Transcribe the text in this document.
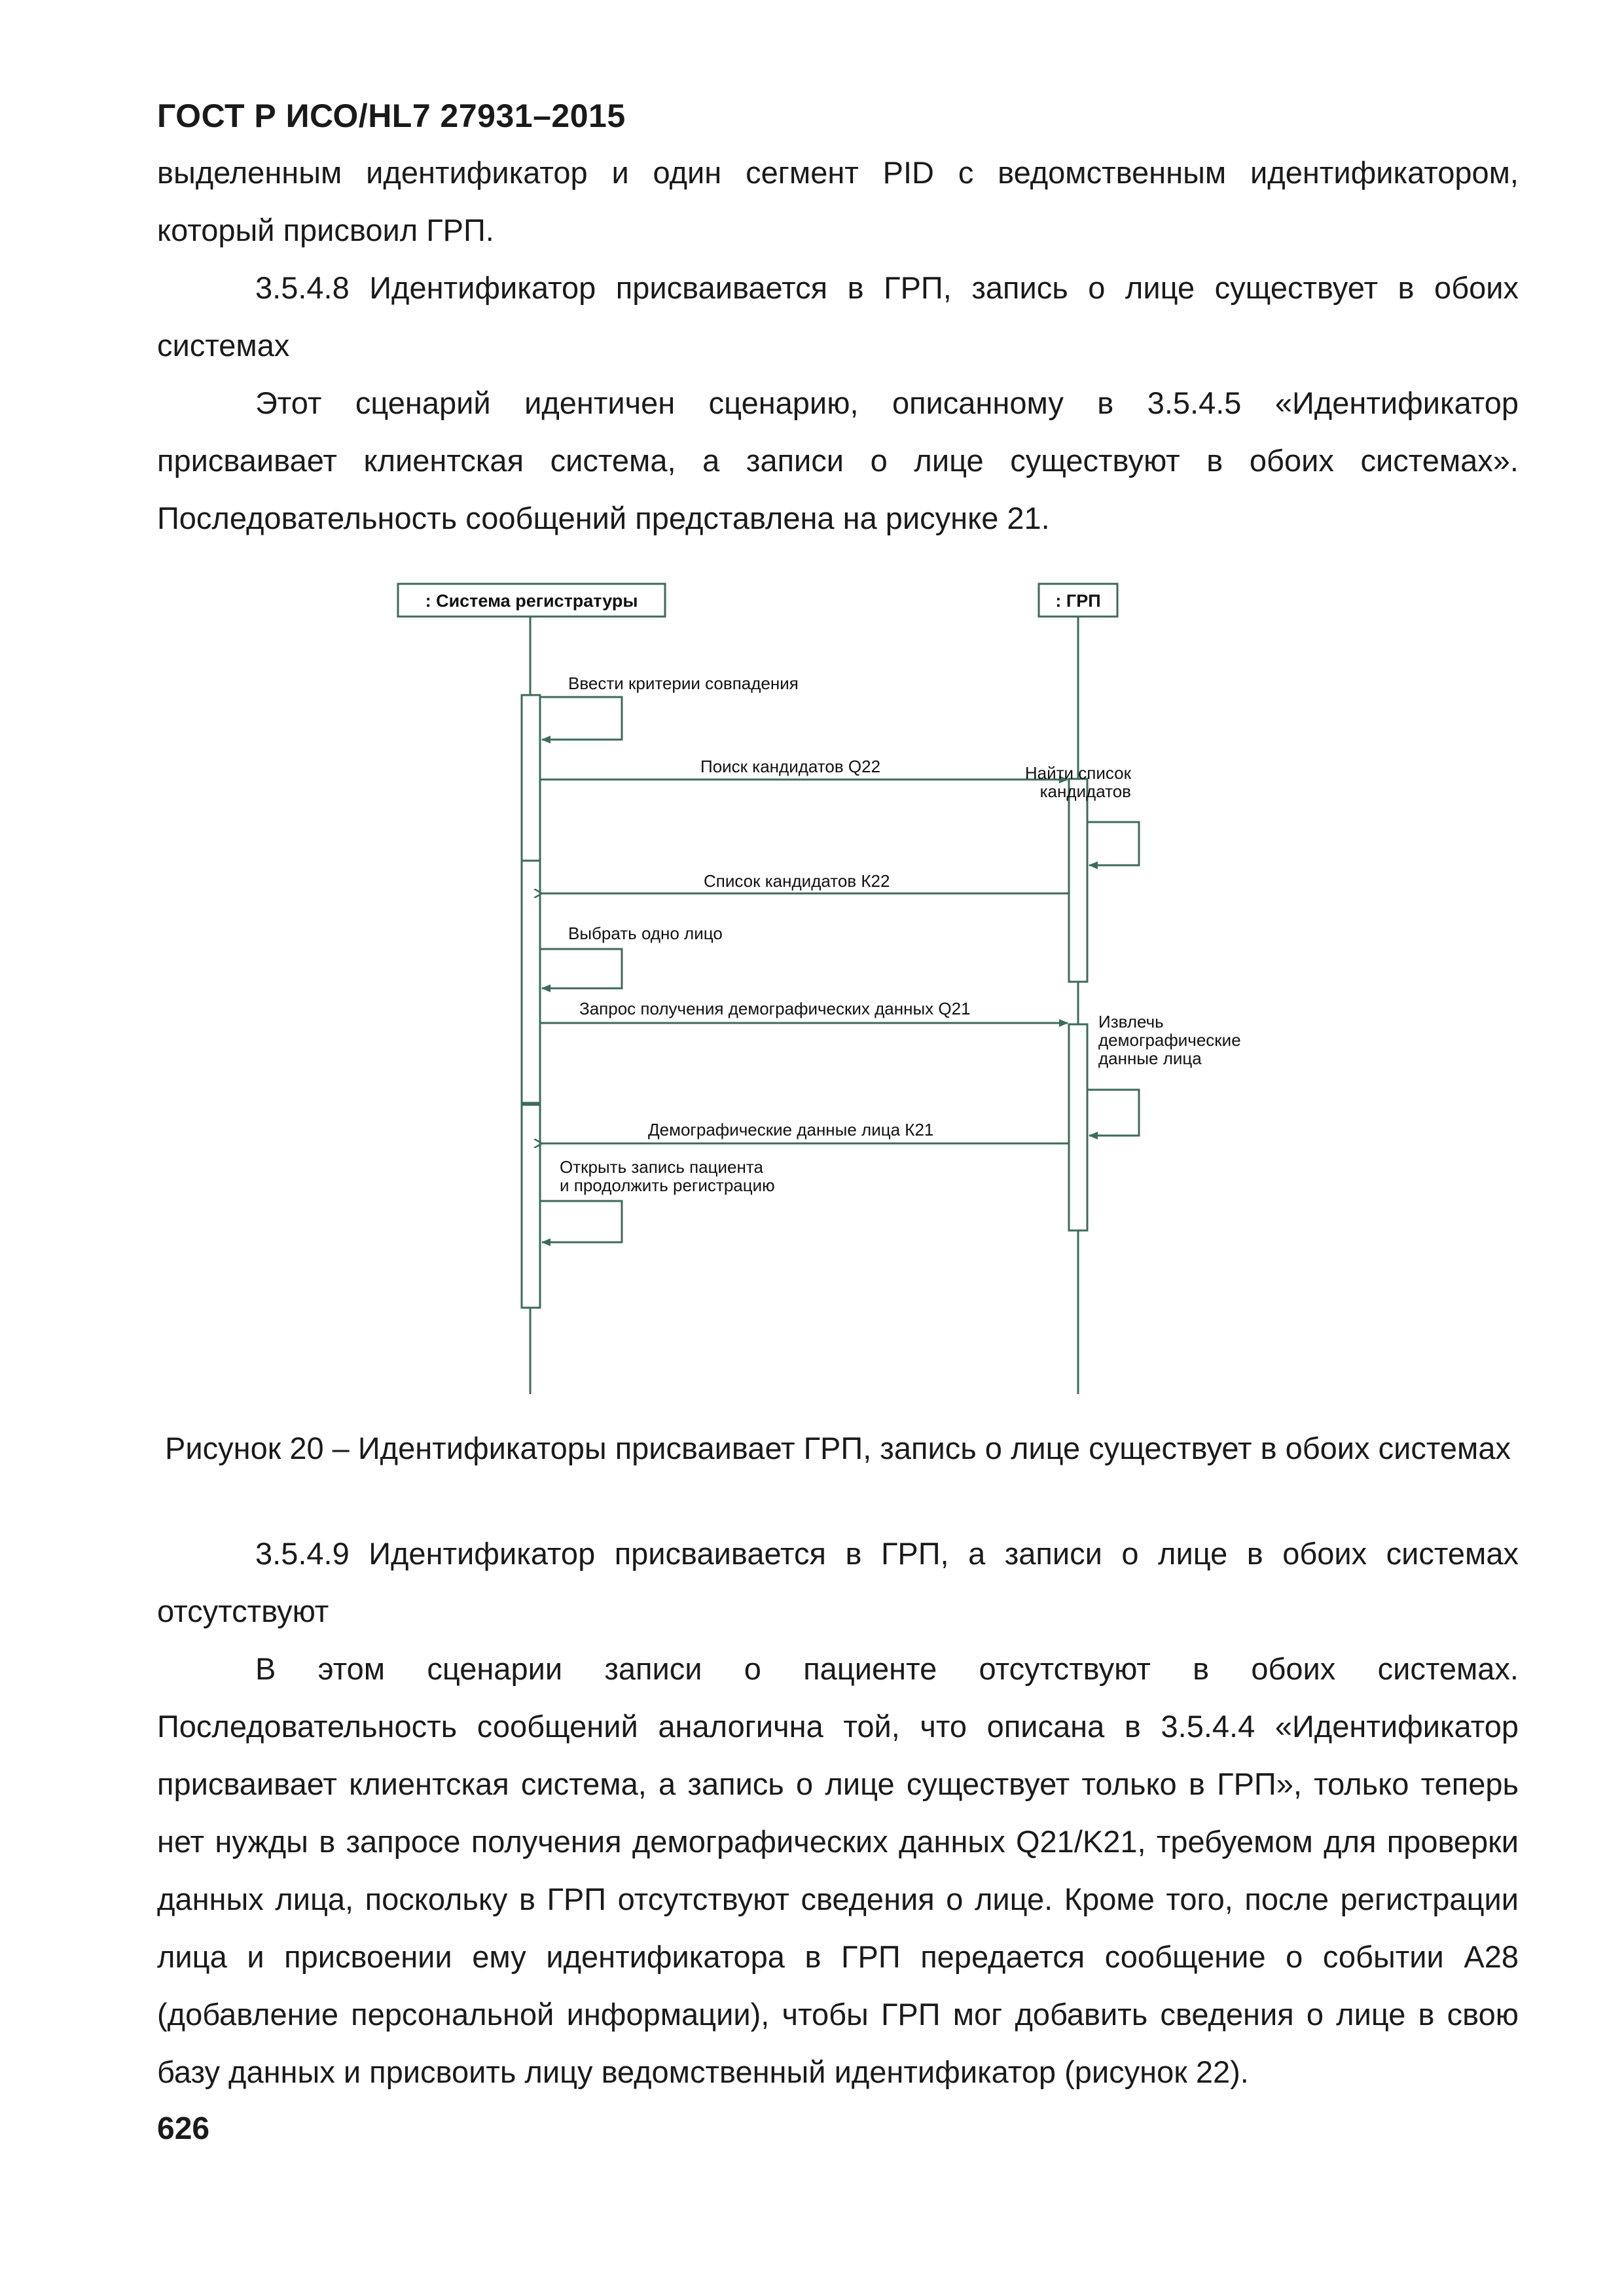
ГОСТ Р ИСО/HL7 27931–2015

выделенным идентификатор и один сегмент PID с ведомственным идентификатором, который присвоил ГРП.

3.5.4.8 Идентификатор присваивается в ГРП, запись о лице существует в обоих системах

Этот сценарий идентичен сценарию, описанному в 3.5.4.5 «Идентификатор присваивает клиентская система, а записи о лице существуют в обоих системах». Последовательность сообщений представлена на рисунке 21.

: Система регистратуры	: ГРП
Ввести критерии совпадения
Поиск кандидатов Q22	Найти список
кандидатов
Список кандидатов К22
Выбрать одно лицо
Запрос получения демографических данных Q21
Извлечь
демографические
данные лица
Демографические данные лица К21
Открыть запись пациента
и продолжить регистрацию

Рисунок 20 – Идентификаторы присваивает ГРП, запись о лице существует в обоих системах

3.5.4.9 Идентификатор присваивается в ГРП, а записи о лице в обоих системах отсутствуют

В этом сценарии записи о пациенте отсутствуют в обоих системах. Последовательность сообщений аналогична той, что описана в 3.5.4.4 «Идентификатор присваивает клиентская система, а запись о лице существует только в ГРП», только теперь нет нужды в запросе получения демографических данных Q21/K21, требуемом для проверки данных лица, поскольку в ГРП отсутствуют сведения о лице. Кроме того, после регистрации лица и присвоении ему идентификатора в ГРП передается сообщение о событии А28 (добавление персональной информации), чтобы ГРП мог добавить сведения о лице в свою базу данных и присвоить лицу ведомственный идентификатор (рисунок 22).

626
